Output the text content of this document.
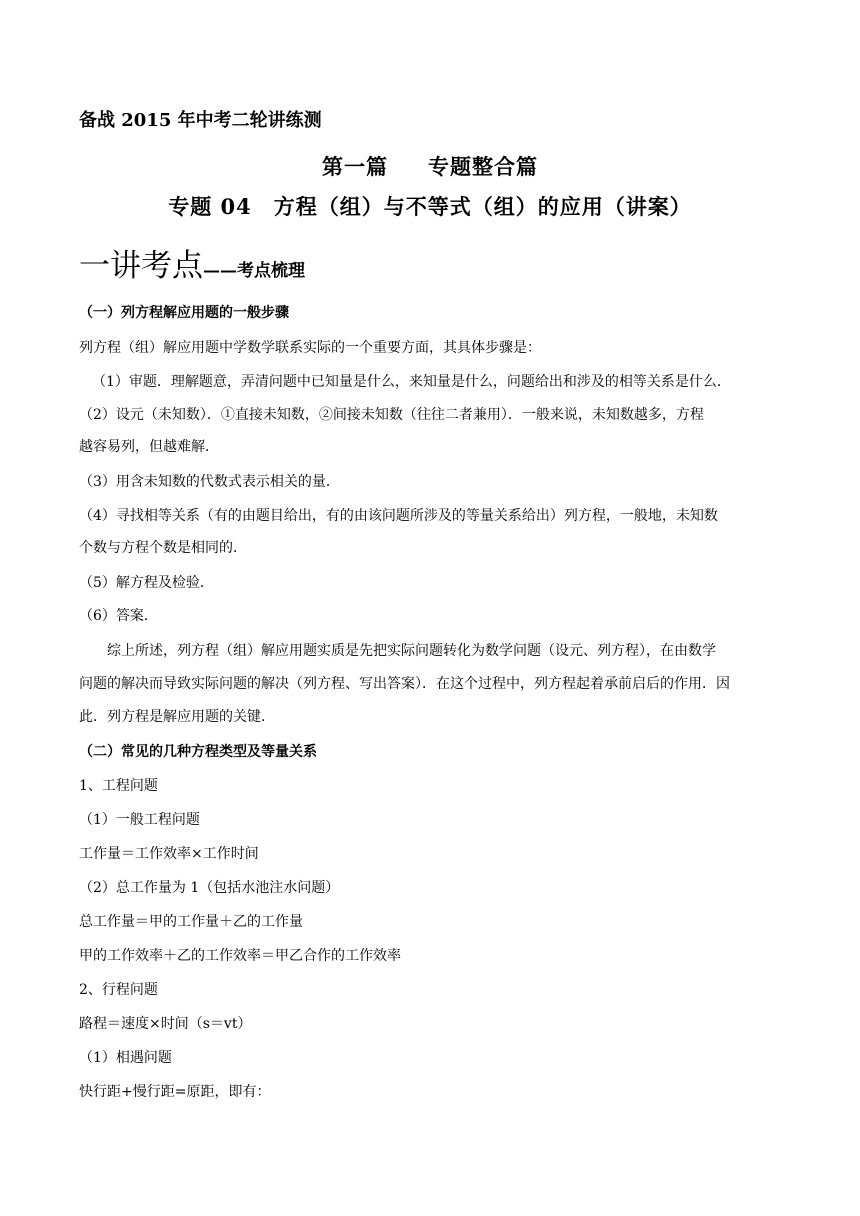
备战 2015 年中考二轮讲练测
第一篇 专题整合篇
专题 04 方程（组）与不等式（组）的应用（讲案）
一讲考点——考点梳理
（一）列方程解应用题的一般步骤
列方程（组）解应用题中学数学联系实际的一个重要方面，其具体步骤是：
（1）审题．理解题意，弄清问题中已知量是什么，来知量是什么，问题给出和涉及的相等关系是什么．
（2）设元（未知数）．①直接未知数，②间接未知数（往往二者兼用）．一般来说，未知数越多，方程
越容易列，但越难解．
（3）用含未知数的代数式表示相关的量．
（4）寻找相等关系（有的由题目给出，有的由该问题所涉及的等量关系给出）列方程，一般地，未知数
个数与方程个数是相同的．
（5）解方程及检验．
（6）答案．
综上所述，列方程（组）解应用题实质是先把实际问题转化为数学问题（设元、列方程），在由数学
问题的解决而导致实际问题的解决（列方程、写出答案）．在这个过程中，列方程起着承前启后的作用．因
此．列方程是解应用题的关键．
（二）常见的几种方程类型及等量关系
1、工程问题
（1）一般工程问题
工作量＝工作效率×工作时间
（2）总工作量为 1（包括水池注水问题）
总工作量＝甲的工作量＋乙的工作量
甲的工作效率＋乙的工作效率＝甲乙合作的工作效率
2、行程问题
路程＝速度×时间（s＝vt）
（1）相遇问题
快行距+慢行距=原距，即有：
